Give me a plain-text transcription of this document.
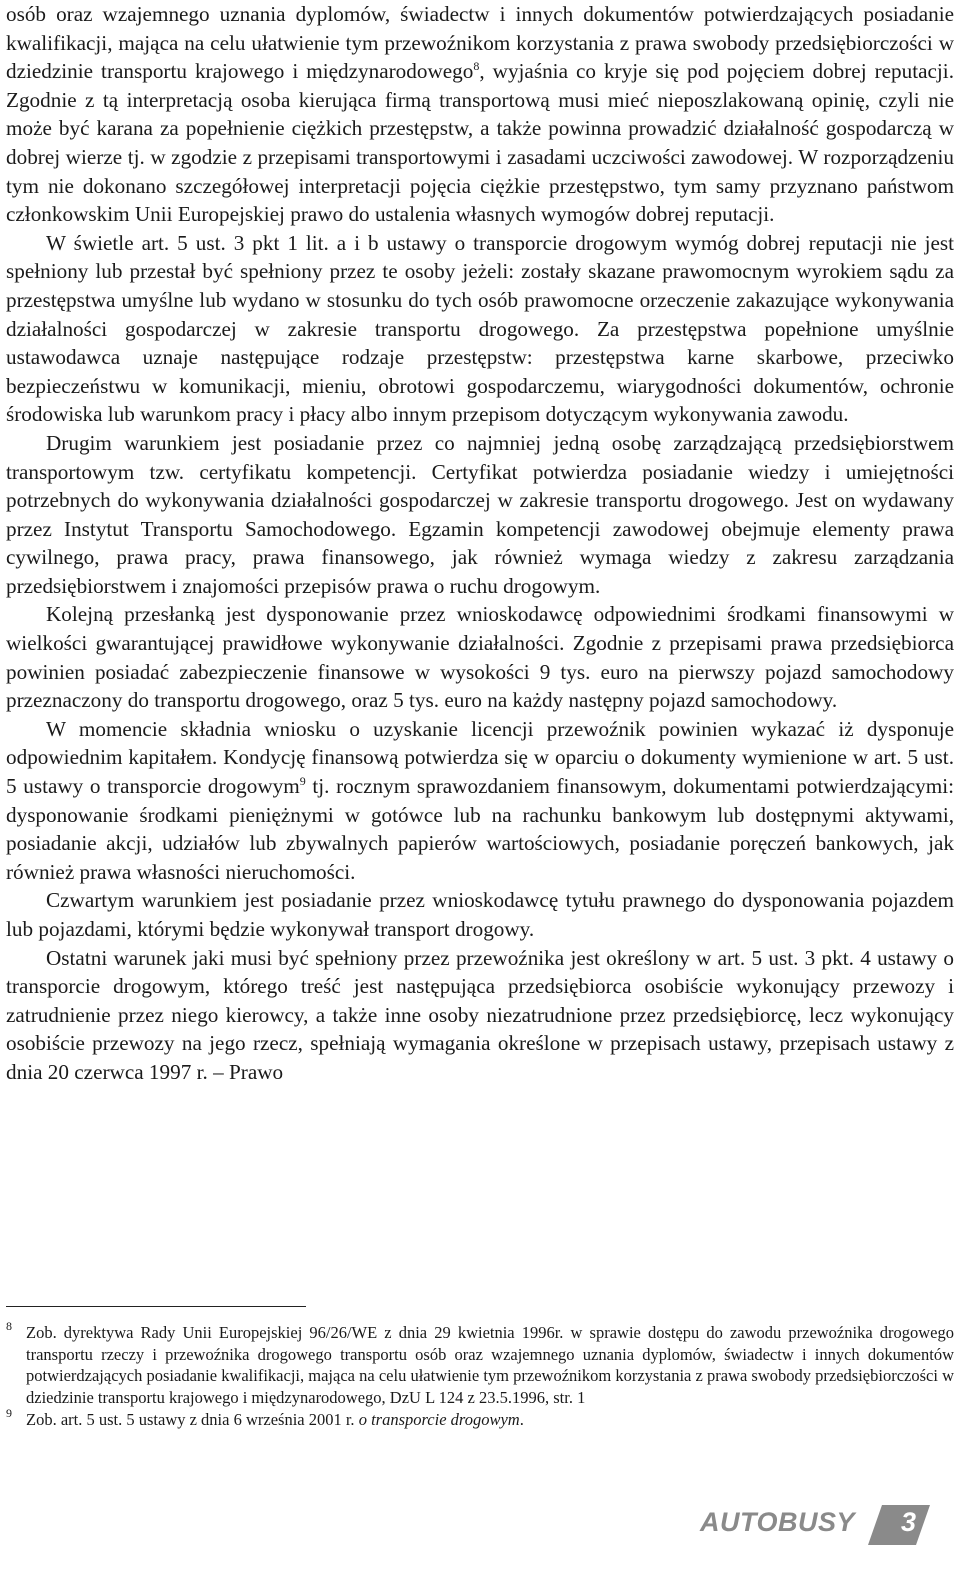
osób oraz wzajemnego uznania dyplomów, świadectw i innych dokumentów potwierdzających posiadanie kwalifikacji, mająca na celu ułatwienie tym przewoźnikom korzystania z prawa swobody przedsiębiorczości w dziedzinie transportu krajowego i międzynarodowego$^8$, wyjaśnia co kryje się pod pojęciem dobrej reputacji. Zgodnie z tą interpretacją osoba kierująca firmą transportową musi mieć nieposzlakowaną opinię, czyli nie może być karana za popełnienie ciężkich przestępstw, a także powinna prowadzić działalność gospodarczą w dobrej wierze tj. w zgodzie z przepisami transportowymi i zasadami uczciwości zawodowej. W rozporządzeniu tym nie dokonano szczegółowej interpretacji pojęcia ciężkie przestępstwo, tym samy przyznano państwom członkowskim Unii Europejskiej prawo do ustalenia własnych wymogów dobrej reputacji.

W świetle art. 5 ust. 3 pkt 1 lit. a i b ustawy o transporcie drogowym wymóg dobrej reputacji nie jest spełniony lub przestał być spełniony przez te osoby jeżeli: zostały skazane prawomocnym wyrokiem sądu za przestępstwa umyślne lub wydano w stosunku do tych osób prawomocne orzeczenie zakazujące wykonywania działalności gospodarczej w zakresie transportu drogowego. Za przestępstwa popełnione umyślnie ustawodawca uznaje następujące rodzaje przestępstw: przestępstwa karne skarbowe, przeciwko bezpieczeństwu w komunikacji, mieniu, obrotowi gospodarczemu, wiarygodności dokumentów, ochronie środowiska lub warunkom pracy i płacy albo innym przepisom dotyczącym wykonywania zawodu.

Drugim warunkiem jest posiadanie przez co najmniej jedną osobę zarządzającą przedsiębiorstwem transportowym tzw. certyfikatu kompetencji. Certyfikat potwierdza posiadanie wiedzy i umiejętności potrzebnych do wykonywania działalności gospodarczej w zakresie transportu drogowego. Jest on wydawany przez Instytut Transportu Samochodowego. Egzamin kompetencji zawodowej obejmuje elementy prawa cywilnego, prawa pracy, prawa finansowego, jak również wymaga wiedzy z zakresu zarządzania przedsiębiorstwem i znajomości przepisów prawa o ruchu drogowym.

Kolejną przesłanką jest dysponowanie przez wnioskodawcę odpowiednimi środkami finansowymi w wielkości gwarantującej prawidłowe wykonywanie działalności. Zgodnie z przepisami prawa przedsiębiorca powinien posiadać zabezpieczenie finansowe w wysokości 9 tys. euro na pierwszy pojazd samochodowy przeznaczony do transportu drogowego, oraz 5 tys. euro na każdy następny pojazd samochodowy.

W momencie składnia wniosku o uzyskanie licencji przewoźnik powinien wykazać iż dysponuje odpowiednim kapitałem. Kondycję finansową potwierdza się w oparciu o dokumenty wymienione w art. 5 ust. 5 ustawy o transporcie drogowym$^9$ tj. rocznym sprawozdaniem finansowym, dokumentami potwierdzającymi: dysponowanie środkami pieniężnymi w gotówce lub na rachunku bankowym lub dostępnymi aktywami, posiadanie akcji, udziałów lub zbywalnych papierów wartościowych, posiadanie poręczeń bankowych, jak również prawa własności nieruchomości.

Czwartym warunkiem jest posiadanie przez wnioskodawcę tytułu prawnego do dysponowania pojazdem lub pojazdami, którymi będzie wykonywał transport drogowy.

Ostatni warunek jaki musi być spełniony przez przewoźnika jest określony w art. 5 ust. 3 pkt. 4 ustawy o transporcie drogowym, którego treść jest następująca przedsiębiorca osobiście wykonujący przewozy i zatrudnienie przez niego kierowcy, a także inne osoby niezatrudnione przez przedsiębiorcę, lecz wykonujący osobiście przewozy na jego rzecz, spełniają wymagania określone w przepisach ustawy, przepisach ustawy z dnia 20 czerwca 1997 r. – Prawo

8 Zob. dyrektywa Rady Unii Europejskiej 96/26/WE z dnia 29 kwietnia 1996r. w sprawie dostępu do zawodu przewoźnika drogowego transportu rzeczy i przewoźnika drogowego transportu osób oraz wzajemnego uznania dyplomów, świadectw i innych dokumentów potwierdzających posiadanie kwalifikacji, mająca na celu ułatwienie tym przewoźnikom korzystania z prawa swobody przedsiębiorczości w dziedzinie transportu krajowego i międzynarodowego, DzU L 124 z 23.5.1996, str. 1

9 Zob. art. 5 ust. 5 ustawy z dnia 6 września 2001 r. o transporcie drogowym.

AUTOBUSY 3
